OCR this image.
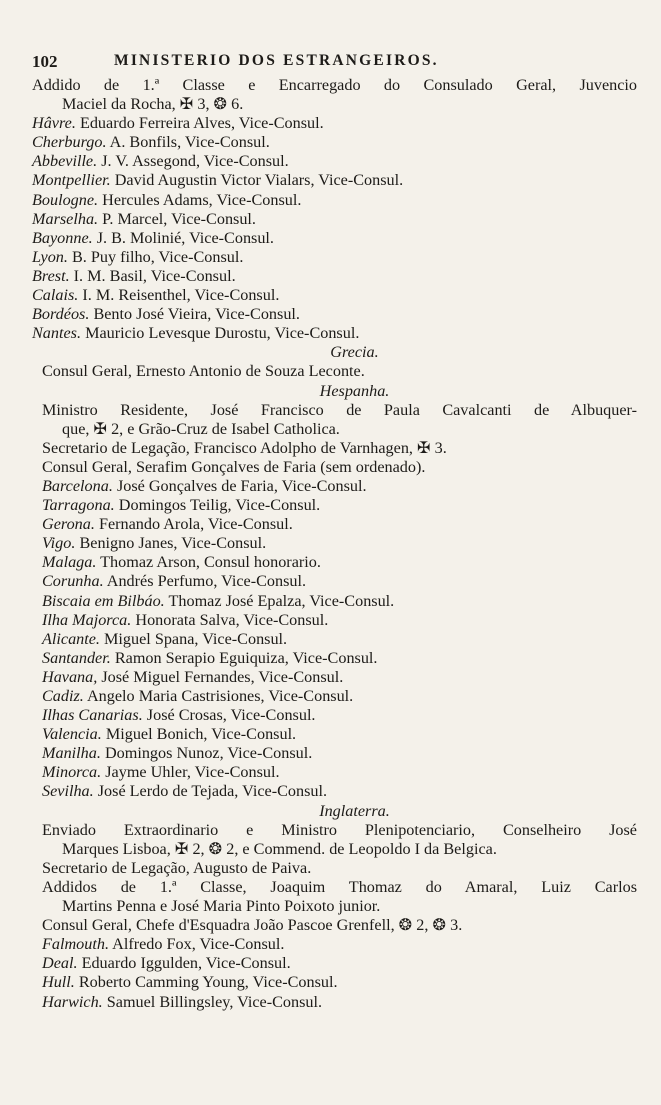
102	MINISTERIO DOS ESTRANGEIROS.
Addido de 1.ª Classe e Encarregado do Consulado Geral, Juvencio
Maciel da Rocha, ✠ 3, ❂ 6.
Hâvre. Eduardo Ferreira Alves, Vice-Consul.
Cherburgo. A. Bonfils, Vice-Consul.
Abbeville. J. V. Assegond, Vice-Consul.
Montpellier. David Augustin Victor Vialars, Vice-Consul.
Boulogne. Hercules Adams, Vice-Consul.
Marselha. P. Marcel, Vice-Consul.
Bayonne. J. B. Molinié, Vice-Consul.
Lyon. B. Puy filho, Vice-Consul.
Brest. I. M. Basil, Vice-Consul.
Calais. I. M. Reisenthel, Vice-Consul.
Bordéos. Bento José Vieira, Vice-Consul.
Nantes. Mauricio Levesque Durostu, Vice-Consul.
Grecia.
Consul Geral, Ernesto Antonio de Souza Leconte.
Hespanha.
Ministro Residente, José Francisco de Paula Cavalcanti de Albuquer-
que, ✠ 2, e Grão-Cruz de Isabel Catholica.
Secretario de Legação, Francisco Adolpho de Varnhagen, ✠ 3.
Consul Geral, Serafim Gonçalves de Faria (sem ordenado).
Barcelona. José Gonçalves de Faria, Vice-Consul.
Tarragona. Domingos Teilig, Vice-Consul.
Gerona. Fernando Arola, Vice-Consul.
Vigo. Benigno Janes, Vice-Consul.
Malaga. Thomaz Arson, Consul honorario.
Corunha. Andrés Perfumo, Vice-Consul.
Biscaia em Bilbáo. Thomaz José Epalza, Vice-Consul.
Ilha Majorca. Honorata Salva, Vice-Consul.
Alicante. Miguel Spana, Vice-Consul.
Santander. Ramon Serapio Eguiquiza, Vice-Consul.
Havana, José Miguel Fernandes, Vice-Consul.
Cadiz. Angelo Maria Castrisiones, Vice-Consul.
Ilhas Canarias. José Crosas, Vice-Consul.
Valencia. Miguel Bonich, Vice-Consul.
Manilha. Domingos Nunoz, Vice-Consul.
Minorca. Jayme Uhler, Vice-Consul.
Sevilha. José Lerdo de Tejada, Vice-Consul.
Inglaterra.
Enviado Extraordinario e Ministro Plenipotenciario, Conselheiro José
Marques Lisboa, ✠ 2, ❂ 2, e Commend. de Leopoldo I da Belgica.
Secretario de Legação, Augusto de Paiva.
Addidos de 1.ª Classe, Joaquim Thomaz do Amaral, Luiz Carlos
Martins Penna e José Maria Pinto Poixoto junior.
Consul Geral, Chefe d'Esquadra João Pascoe Grenfell, ❂ 2, ❂ 3.
Falmouth. Alfredo Fox, Vice-Consul.
Deal. Eduardo Iggulden, Vice-Consul.
Hull. Roberto Camming Young, Vice-Consul.
Harwich. Samuel Billingsley, Vice-Consul.
